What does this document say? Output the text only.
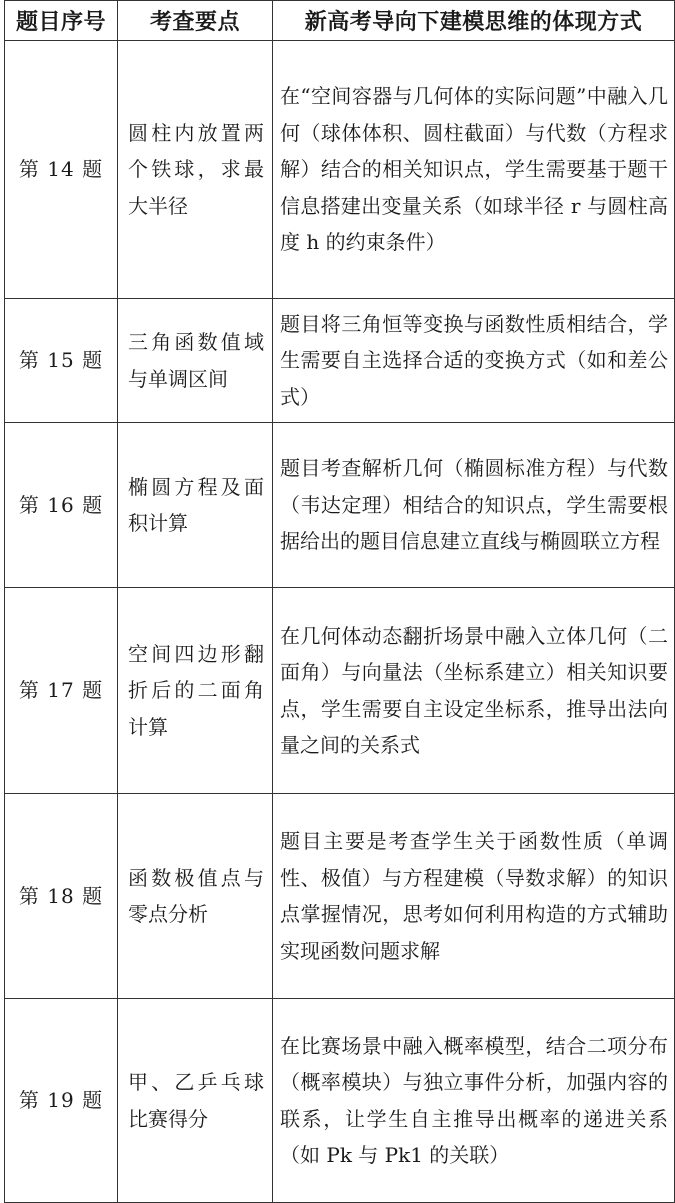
题目序号	考查要点	新高考导向下建模思维的体现方式
第 14 题	圆柱内放置两个铁球，求最大半径	在“空间容器与几何体的实际问题”中融入几何（球体体积、圆柱截面）与代数（方程求解）结合的相关知识点，学生需要基于题干信息搭建出变量关系（如球半径 r 与圆柱高度 h 的约束条件）
第 15 题	三角函数值域与单调区间	题目将三角恒等变换与函数性质相结合，学生需要自主选择合适的变换方式（如和差公式）
第 16 题	椭圆方程及面积计算	题目考查解析几何（椭圆标准方程）与代数（韦达定理）相结合的知识点，学生需要根据给出的题目信息建立直线与椭圆联立方程
第 17 题	空间四边形翻折后的二面角计算	在几何体动态翻折场景中融入立体几何（二面角）与向量法（坐标系建立）相关知识要点，学生需要自主设定坐标系，推导出法向量之间的关系式
第 18 题	函数极值点与零点分析	题目主要是考查学生关于函数性质（单调性、极值）与方程建模（导数求解）的知识点掌握情况，思考如何利用构造的方式辅助实现函数问题求解
第 19 题	甲、乙乒乓球比赛得分	在比赛场景中融入概率模型，结合二项分布（概率模块）与独立事件分析，加强内容的联系，让学生自主推导出概率的递进关系（如 Pk 与 Pk1 的关联）
